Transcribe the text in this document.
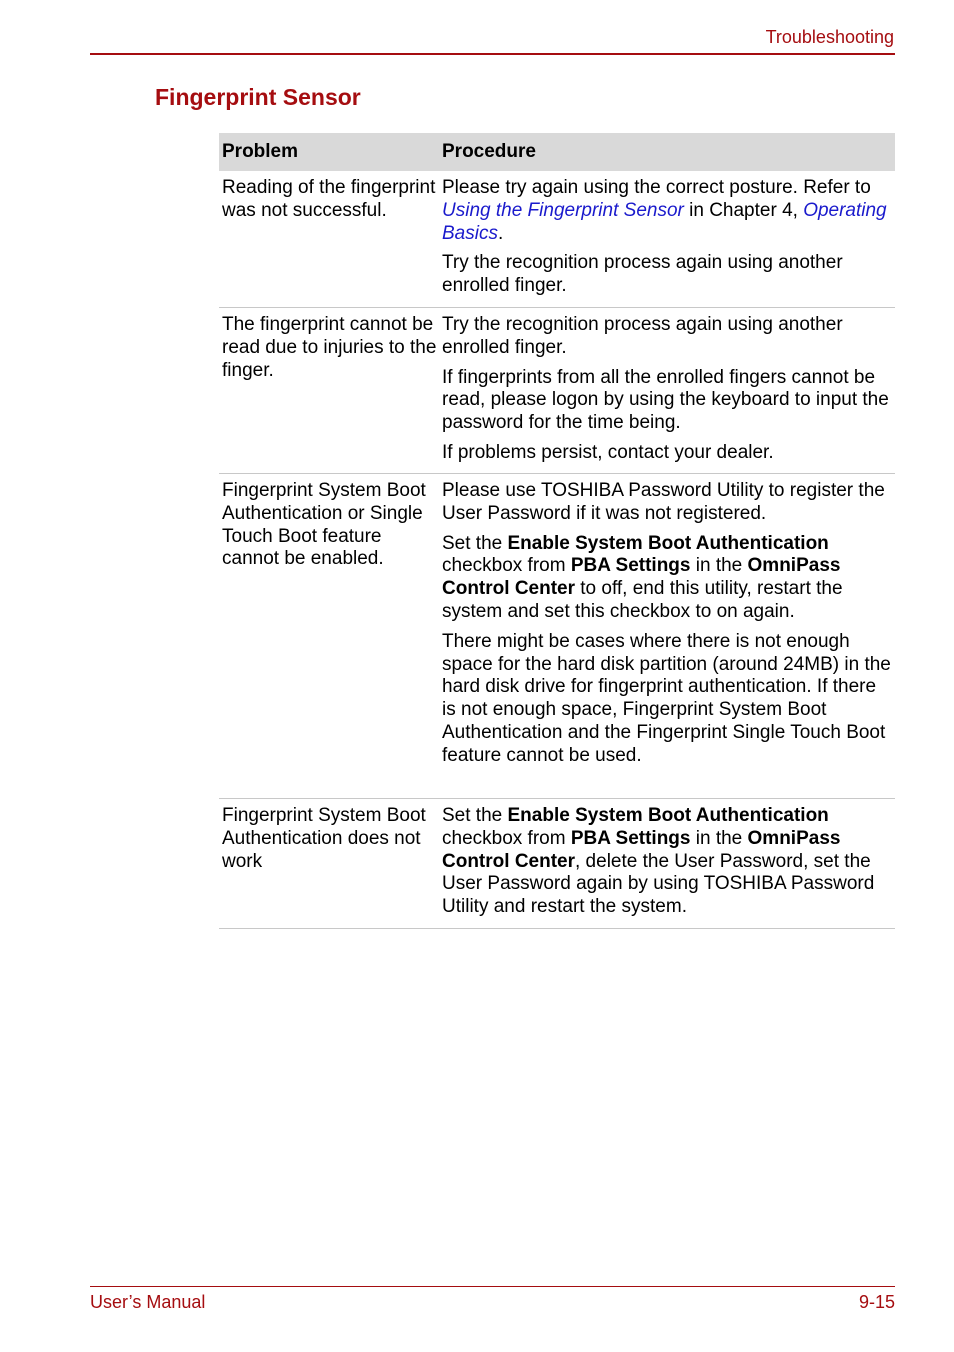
Troubleshooting
Fingerprint Sensor
Problem	Procedure
Reading of the fingerprint was not successful.

Please try again using the correct posture. Refer to Using the Fingerprint Sensor in Chapter 4, Operating Basics.

Try the recognition process again using another enrolled finger.

The fingerprint cannot be read due to injuries to the finger.

Try the recognition process again using another enrolled finger.

If fingerprints from all the enrolled fingers cannot be read, please logon by using the keyboard to input the password for the time being.

If problems persist, contact your dealer.

Fingerprint System Boot Authentication or Single Touch Boot feature cannot be enabled.

Please use TOSHIBA Password Utility to register the User Password if it was not registered.

Set the Enable System Boot Authentication checkbox from PBA Settings in the OmniPass Control Center to off, end this utility, restart the system and set this checkbox to on again.

There might be cases where there is not enough space for the hard disk partition (around 24MB) in the hard disk drive for fingerprint authentication. If there is not enough space, Fingerprint System Boot Authentication and the Fingerprint Single Touch Boot feature cannot be used.

Fingerprint System Boot Authentication does not work

Set the Enable System Boot Authentication checkbox from PBA Settings in the OmniPass Control Center, delete the User Password, set the User Password again by using TOSHIBA Password Utility and restart the system.

User’s Manual	9-15
